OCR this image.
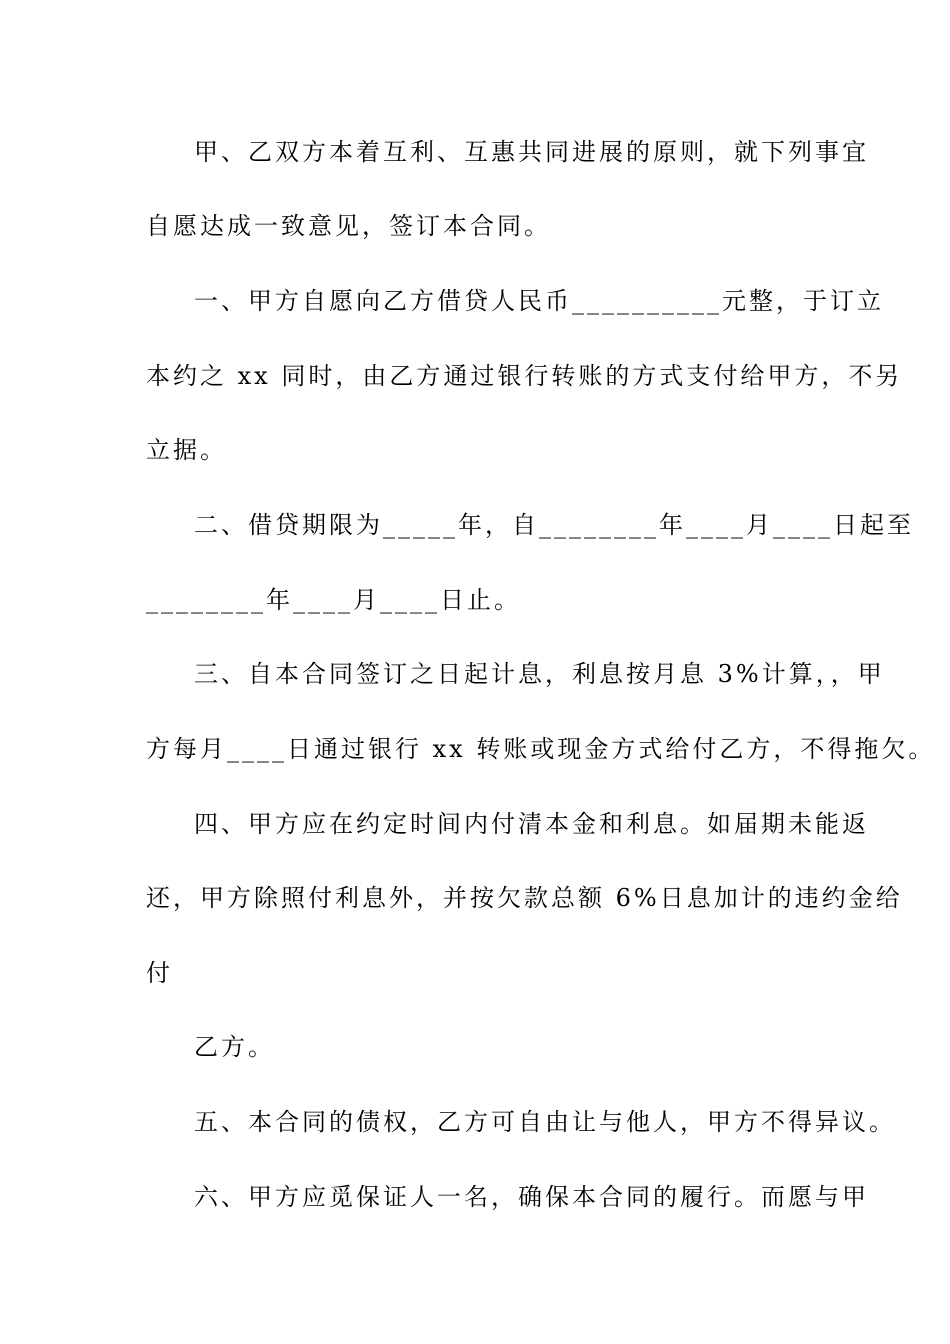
甲、乙双方本着互利、互惠共同进展的原则，就下列事宜

自愿达成一致意见，签订本合同。

一、甲方自愿向乙方借贷人民币__________元整，于订立

本约之 xx 同时，由乙方通过银行转账的方式支付给甲方，不另

立据。

二、借贷期限为_____年，自________年____月____日起至

________年____月____日止。

三、自本合同签订之日起计息，利息按月息 3%计算，，甲

方每月____日通过银行 xx 转账或现金方式给付乙方，不得拖欠。

四、甲方应在约定时间内付清本金和利息。如届期未能返

还，甲方除照付利息外，并按欠款总额 6%日息加计的违约金给

付

乙方。

五、本合同的债权，乙方可自由让与他人，甲方不得异议。

六、甲方应觅保证人一名，确保本合同的履行。而愿与甲
